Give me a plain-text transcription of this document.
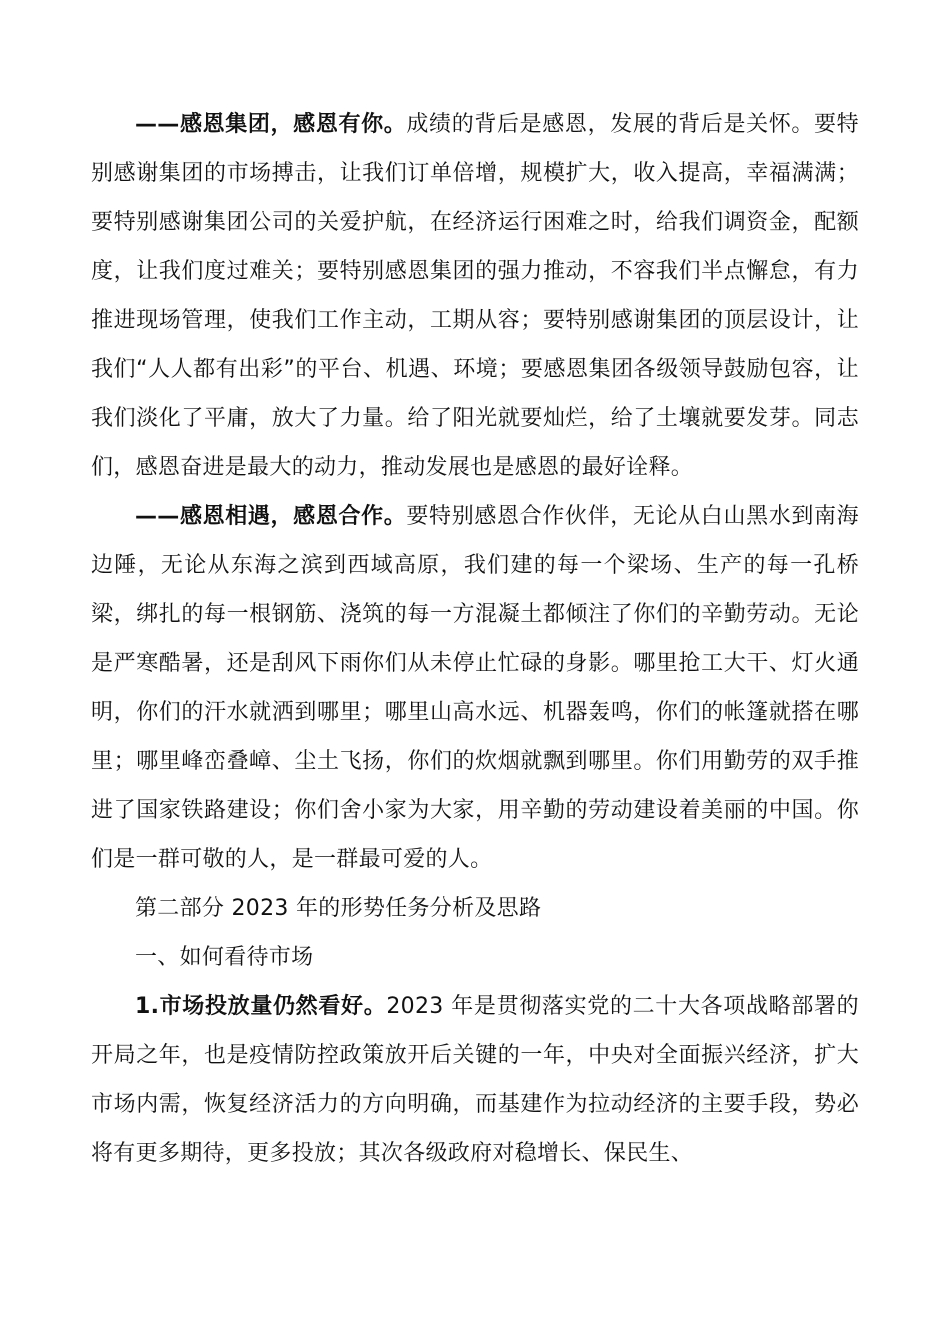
——感恩集团，感恩有你。成绩的背后是感恩，发展的背后是关怀。要特别感谢集团的市场搏击，让我们订单倍增，规模扩大，收入提高，幸福满满；要特别感谢集团公司的关爱护航，在经济运行困难之时，给我们调资金，配额度，让我们度过难关；要特别感恩集团的强力推动，不容我们半点懈怠，有力推进现场管理，使我们工作主动，工期从容；要特别感谢集团的顶层设计，让我们“人人都有出彩”的平台、机遇、环境；要感恩集团各级领导鼓励包容，让我们淡化了平庸，放大了力量。给了阳光就要灿烂，给了土壤就要发芽。同志们，感恩奋进是最大的动力，推动发展也是感恩的最好诠释。

——感恩相遇，感恩合作。要特别感恩合作伙伴，无论从白山黑水到南海边陲，无论从东海之滨到西域高原，我们建的每一个梁场、生产的每一孔桥梁，绑扎的每一根钢筋、浇筑的每一方混凝土都倾注了你们的辛勤劳动。无论是严寒酷暑，还是刮风下雨你们从未停止忙碌的身影。哪里抢工大干、灯火通明，你们的汗水就洒到哪里；哪里山高水远、机器轰鸣，你们的帐篷就搭在哪里；哪里峰峦叠嶂、尘土飞扬，你们的炊烟就飘到哪里。你们用勤劳的双手推进了国家铁路建设；你们舍小家为大家，用辛勤的劳动建设着美丽的中国。你们是一群可敬的人，是一群最可爱的人。

第二部分 2023 年的形势任务分析及思路

一、如何看待市场

1.市场投放量仍然看好。2023 年是贯彻落实党的二十大各项战略部署的开局之年，也是疫情防控政策放开后关键的一年，中央对全面振兴经济，扩大市场内需，恢复经济活力的方向明确，而基建作为拉动经济的主要手段，势必将有更多期待，更多投放；其次各级政府对稳增长、保民生、
